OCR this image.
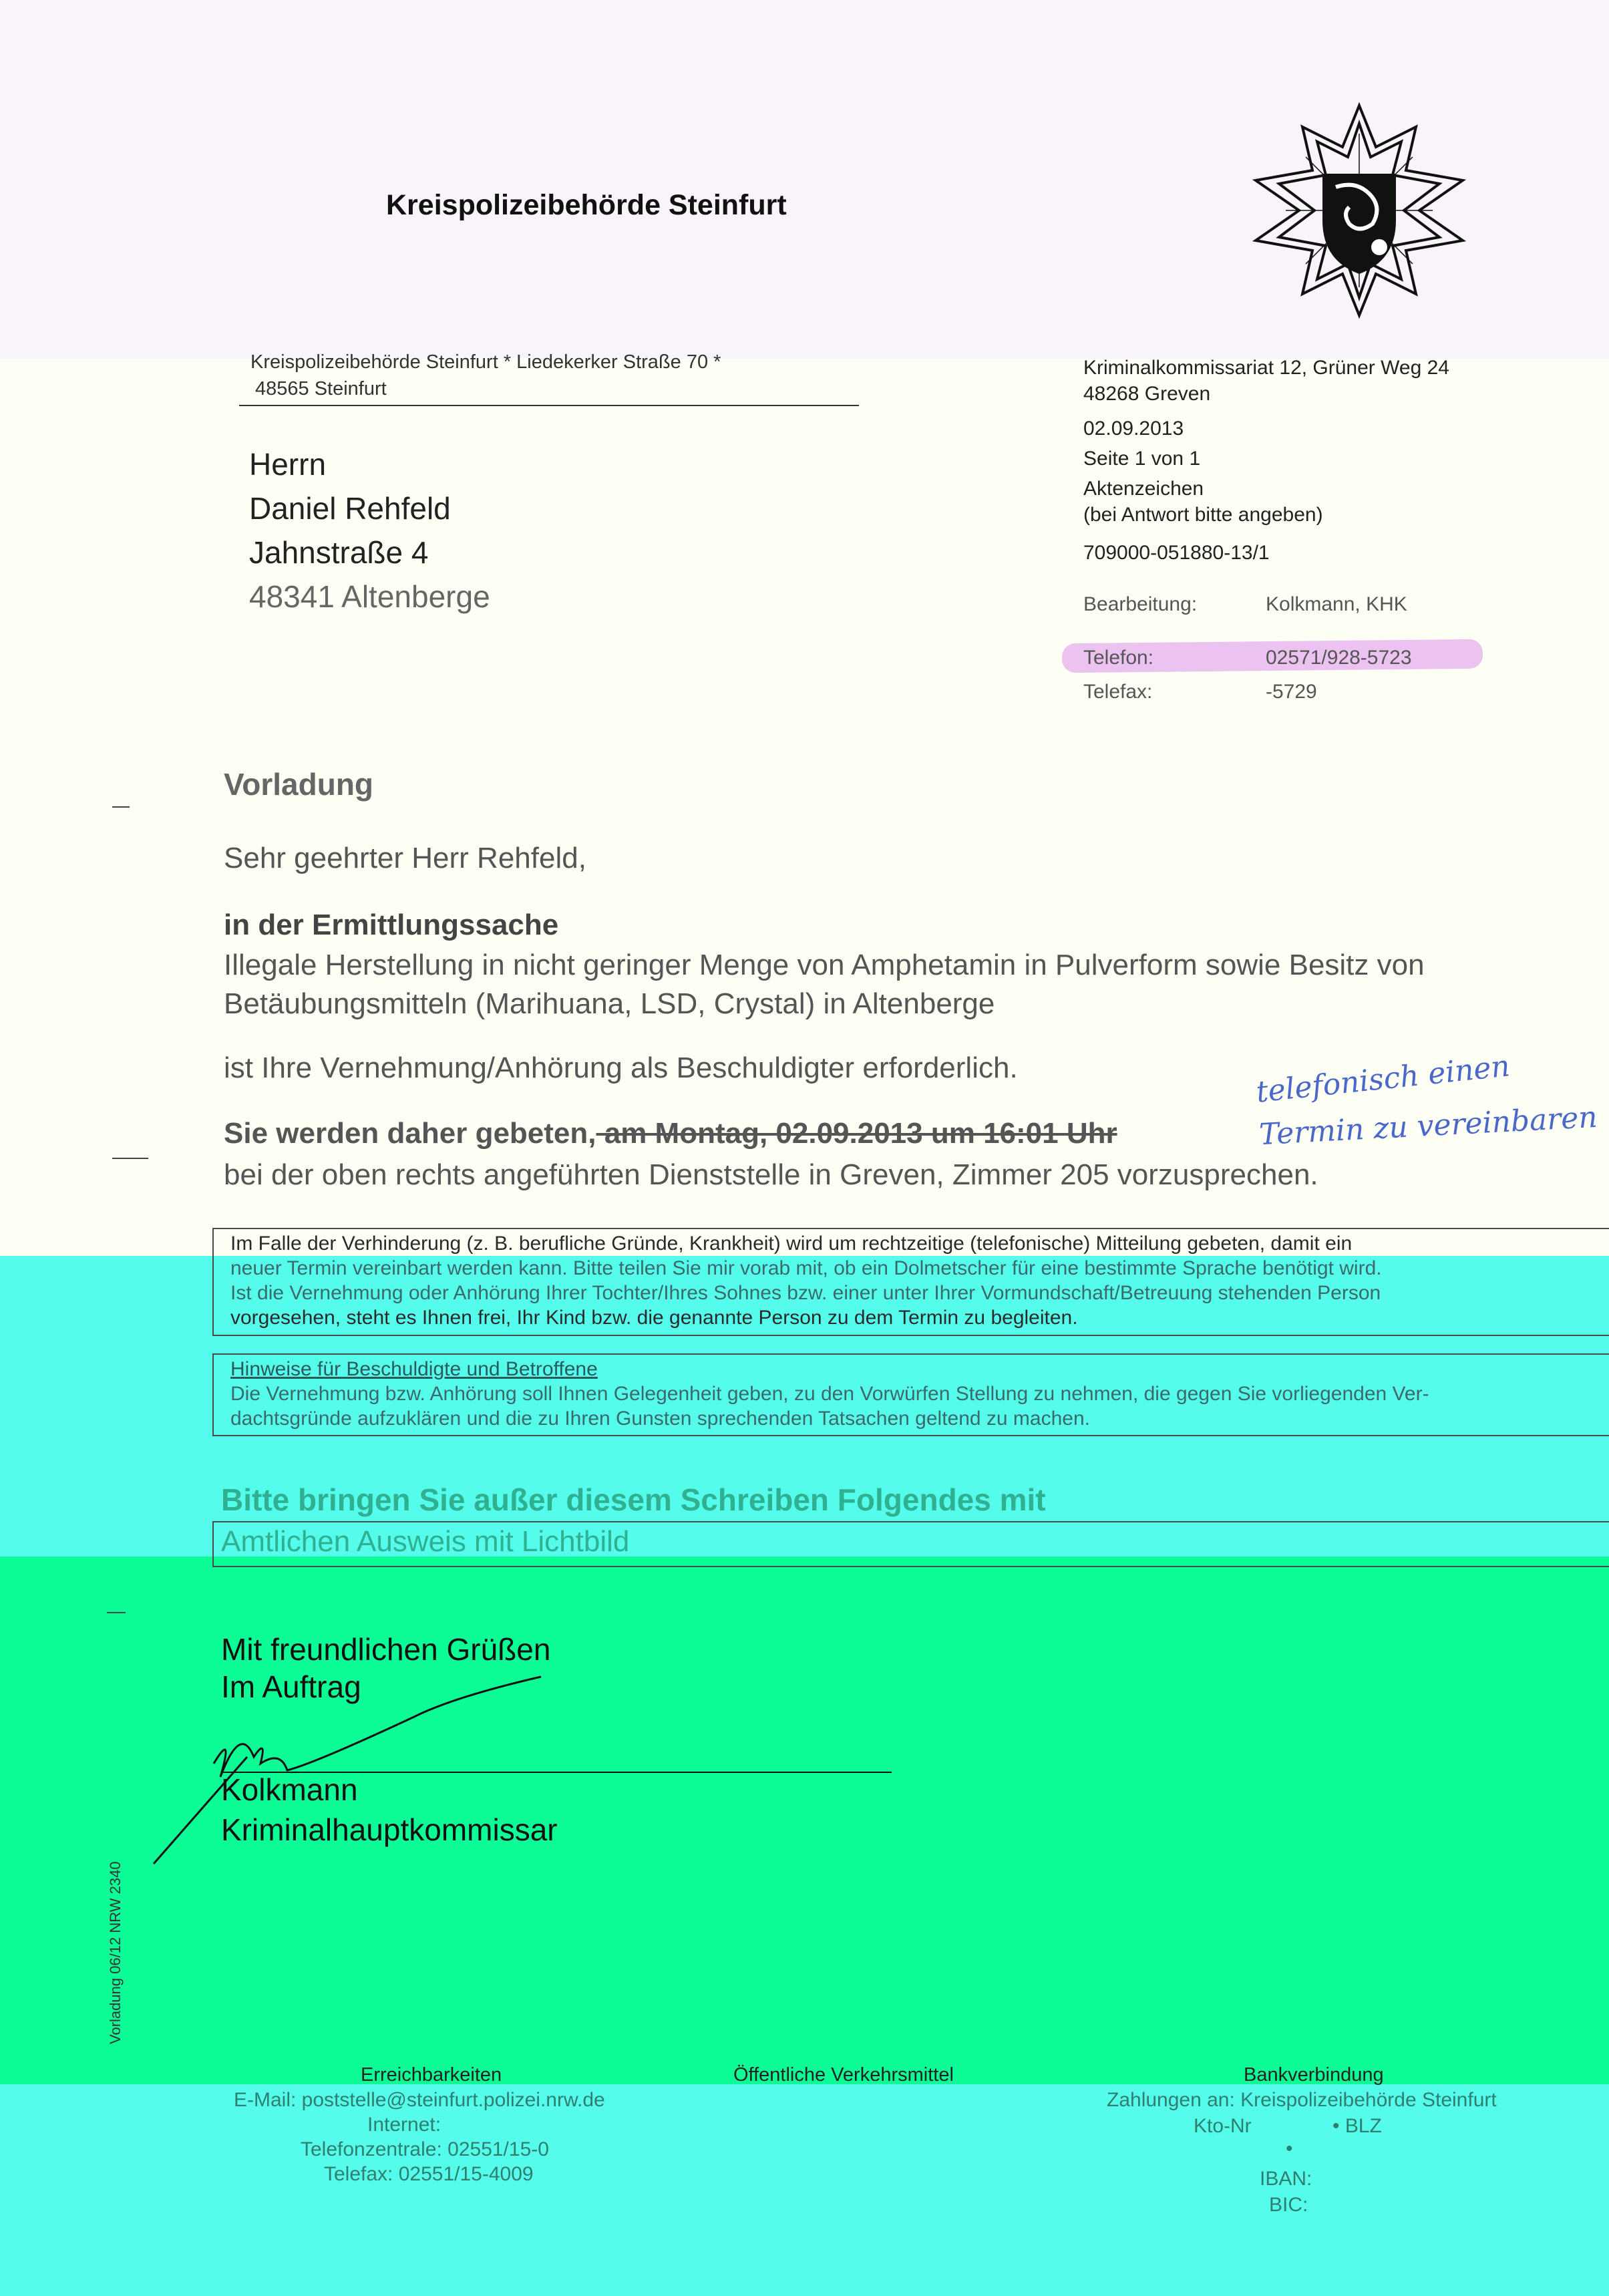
Kreispolizeibehörde Steinfurt
Kreispolizeibehörde Steinfurt * Liedekerker Straße 70 *
48565 Steinfurt
Herrn
Daniel Rehfeld
Jahnstraße 4
48341 Altenberge
Kriminalkommissariat 12, Grüner Weg 24
48268 Greven
02.09.2013
Seite 1 von 1
Aktenzeichen
(bei Antwort bitte angeben)
709000-051880-13/1
Bearbeitung:	Kolkmann, KHK
Telefon:	02571/928-5723
Telefax:	-5729
Vorladung
Sehr geehrter Herr Rehfeld,
in der Ermittlungssache
Illegale Herstellung in nicht geringer Menge von Amphetamin in Pulverform sowie Besitz von
Betäubungsmitteln (Marihuana, LSD, Crystal) in Altenberge
ist Ihre Vernehmung/Anhörung als Beschuldigter erforderlich.
Sie werden daher gebeten, am Montag, 02.09.2013 um 16:01 Uhr
bei der oben rechts angeführten Dienststelle in Greven, Zimmer 205 vorzusprechen.
telefonisch einen
Termin zu vereinbaren
Im Falle der Verhinderung (z. B. berufliche Gründe, Krankheit) wird um rechtzeitige (telefonische) Mitteilung gebeten, damit ein
neuer Termin vereinbart werden kann. Bitte teilen Sie mir vorab mit, ob ein Dolmetscher für eine bestimmte Sprache benötigt wird.
Ist die Vernehmung oder Anhörung Ihrer Tochter/Ihres Sohnes bzw. einer unter Ihrer Vormundschaft/Betreuung stehenden Person
vorgesehen, steht es Ihnen frei, Ihr Kind bzw. die genannte Person zu dem Termin zu begleiten.
Hinweise für Beschuldigte und Betroffene
Die Vernehmung bzw. Anhörung soll Ihnen Gelegenheit geben, zu den Vorwürfen Stellung zu nehmen, die gegen Sie vorliegenden Ver-
dachtsgründe aufzuklären und die zu Ihren Gunsten sprechenden Tatsachen geltend zu machen.
Bitte bringen Sie außer diesem Schreiben Folgendes mit
Amtlichen Ausweis mit Lichtbild
Mit freundlichen Grüßen
Im Auftrag
Kolkmann
Kriminalhauptkommissar
Vorladung 06/12 NRW 2340
Erreichbarkeiten
E-Mail: poststelle@steinfurt.polizei.nrw.de
Internet:
Telefonzentrale: 02551/15-0
Telefax: 02551/15-4009
Öffentliche Verkehrsmittel	Bankverbindung
Zahlungen an: Kreispolizeibehörde Steinfurt
Kto-Nr	• BLZ
•
IBAN:
BIC:
